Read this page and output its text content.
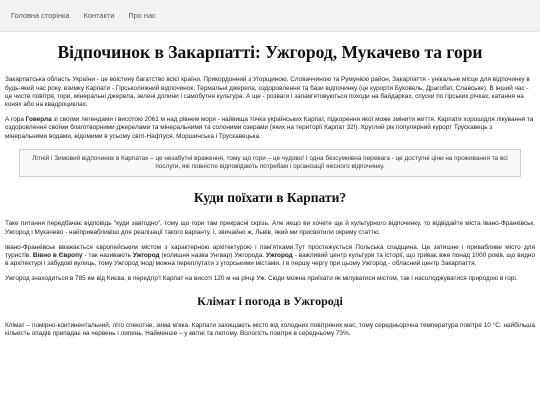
Головна сторінка	Контакти	Про нас
Відпочинок в Закарпатті: Ужгород, Мукачево та гори

Закарпатська область України - це воістину багатство всієї країни. Прикордонний з Угорщиною, Словаччиною та Румунією район, Закарпаття - унікальне місце для відпочинку в будь-який час року. взимку Карпати - Гірськолижний відпочинок, Термальні джерела, оздоровлення та бази відпочинку (це курорти Буковель, Драгобат, Славське). В інший час - це чисте повітря, гори, мінеральні джерела, зелені долини і самобутня культура. А ще - розваги і запам'ятовуються походи на байдарках, спуски по гірських річках, катання на конях або на квадроциклах.

А гора Говерла зі своїми легендами і висотою 2061 м над рівнем моря - найвища точка українських Карпат, підкорення якої може змінити життя. Карпати хорошідля лікування та оздоровлення своїми благотворними джерелами та мінеральними та солоними озерами (яких на території Карпат 32!). Круглий рік популярний курорт Трускавець з мінеральними водами, відомими в усьому світі-Нафтуся, Моршинська і Трускавецька.

Літній і Зимовий відпочинок в Карпатах – це незабутні враження, тому що гори – це чудово! І одна безсумнівна перевага - це доступні ціни на проживання та всі послуги, які повністю відповідають потребам і організації якісного відпочинку.
Куди поїхати в Карпати?

Таке питання передбачає відповідь "куди завгодно", тому що гори там прекрасні скрізь. Але якщо ви хочете ще й культурного відпочинку, то відвідайте міста Івано-Франківськ, Ужгород і Мукачево - найпривабливіші для реалізації такого варіанту. І, звичайно ж, Львів, який ми присвятили окрему статтю.

Івано-Франківськ вважається європейським містом з характерною архітектурою і пам'ятками.Тут простежується Польська спадщина. Це затишне і привабливе місто для туристів. Вівно в Європу - так називають Ужгород (колишня назва Унгвар) Ужгорода. Ужгород - важливий центр культури та історії, що триває вже понад 1000 років, що видно в архітектурі і забудові вулиць, тому Ужгород іноді можна переплутати з угорськими містами. І в першу чергу при цьому Ужгород - обласний центр Закарпаття.

Ужгород знаходиться в 785 км від Києва, в передгір'ї Карпат на висоті 120 м на річці Уж. Сюди можна приїхати як мілуватися містом, так і насолоджуватися природою в горі.

Клімат і погода в Ужгороді

Клімат – помірно-континентальний, літо спекотне, зима м'яка. Карпати захищають місто від холодних повітряних мас, тому середньорічна температура повітря 10 °C. найбільша кількість опадів припадає на червень і липень. Найменше – у квітні та лютому. Вологість повітря в середньому 73%.
